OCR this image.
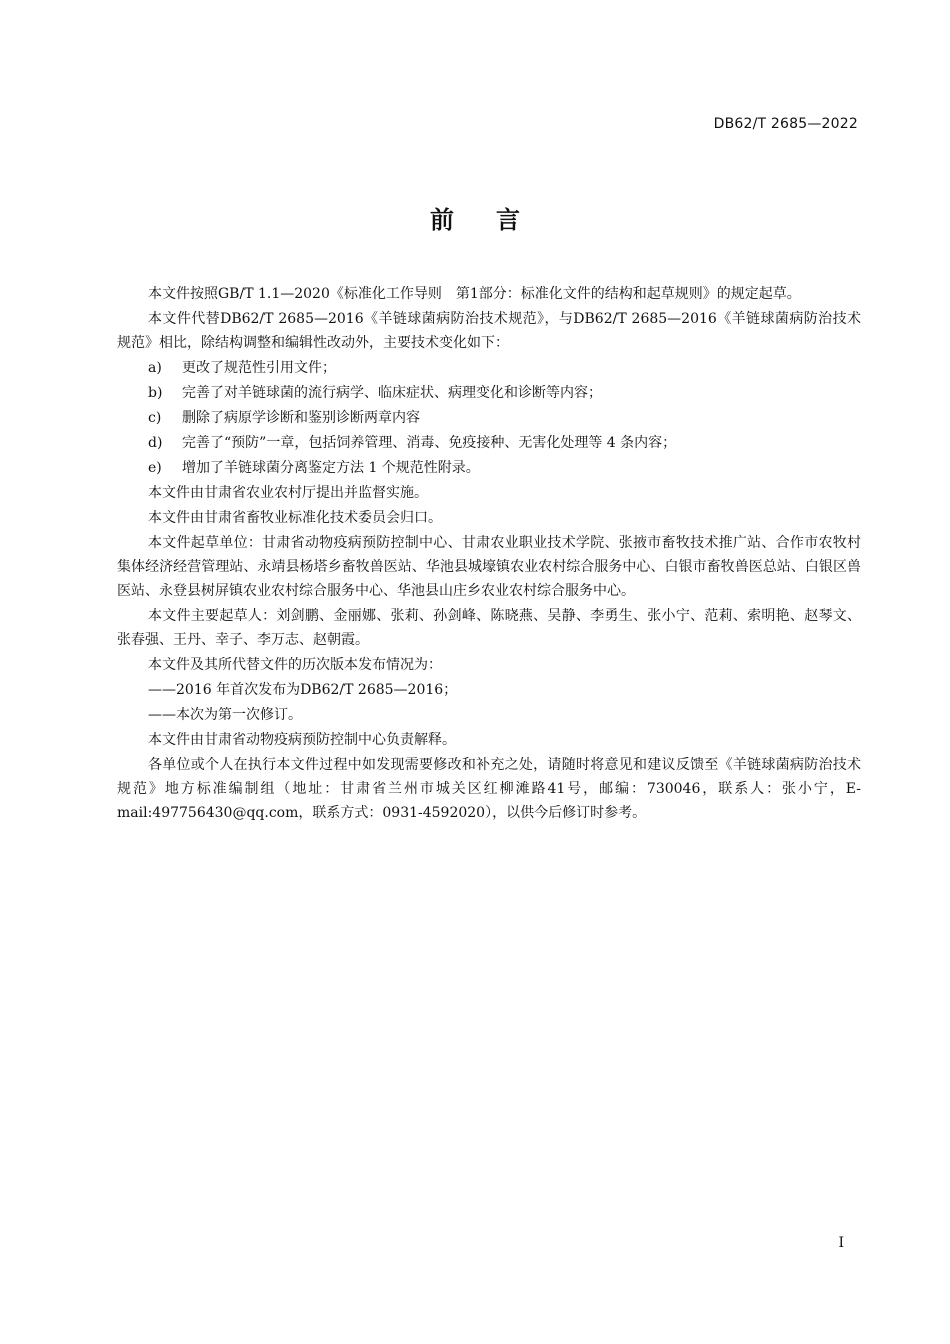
DB62/T 2685—2022
前言

本文件按照GB/T 1.1—2020《标准化工作导则　第1部分：标准化文件的结构和起草规则》的规定起草。

本文件代替DB62/T 2685—2016《羊链球菌病防治技术规范》，与DB62/T 2685—2016《羊链球菌病防治技术规范》相比，除结构调整和编辑性改动外，主要技术变化如下：

a)	更改了规范性引用文件；

b)	完善了对羊链球菌的流行病学、临床症状、病理变化和诊断等内容；

c)	删除了病原学诊断和鉴别诊断两章内容

d)	完善了“预防”一章，包括饲养管理、消毒、免疫接种、无害化处理等 4 条内容；

e)	增加了羊链球菌分离鉴定方法 1 个规范性附录。

本文件由甘肃省农业农村厅提出并监督实施。

本文件由甘肃省畜牧业标准化技术委员会归口。

本文件起草单位：甘肃省动物疫病预防控制中心、甘肃农业职业技术学院、张掖市畜牧技术推广站、合作市农牧村集体经济经营管理站、永靖县杨塔乡畜牧兽医站、华池县城壕镇农业农村综合服务中心、白银市畜牧兽医总站、白银区兽医站、永登县树屏镇农业农村综合服务中心、华池县山庄乡农业农村综合服务中心。

本文件主要起草人：刘剑鹏、金丽娜、张莉、孙剑峰、陈晓燕、吴静、李勇生、张小宁、范莉、索明艳、赵琴文、张春强、王丹、幸子、李万志、赵朝霞。

本文件及其所代替文件的历次版本发布情况为：

——2016 年首次发布为DB62/T 2685—2016；

——本次为第一次修订。

本文件由甘肃省动物疫病预防控制中心负责解释。

各单位或个人在执行本文件过程中如发现需要修改和补充之处，请随时将意见和建议反馈至《羊链球菌病防治技术规范》地方标准编制组（地址：甘肃省兰州市城关区红柳滩路41号，邮编：730046，联系人：张小宁，E-mail:497756430@qq.com，联系方式：0931-4592020），以供今后修订时参考。

I
